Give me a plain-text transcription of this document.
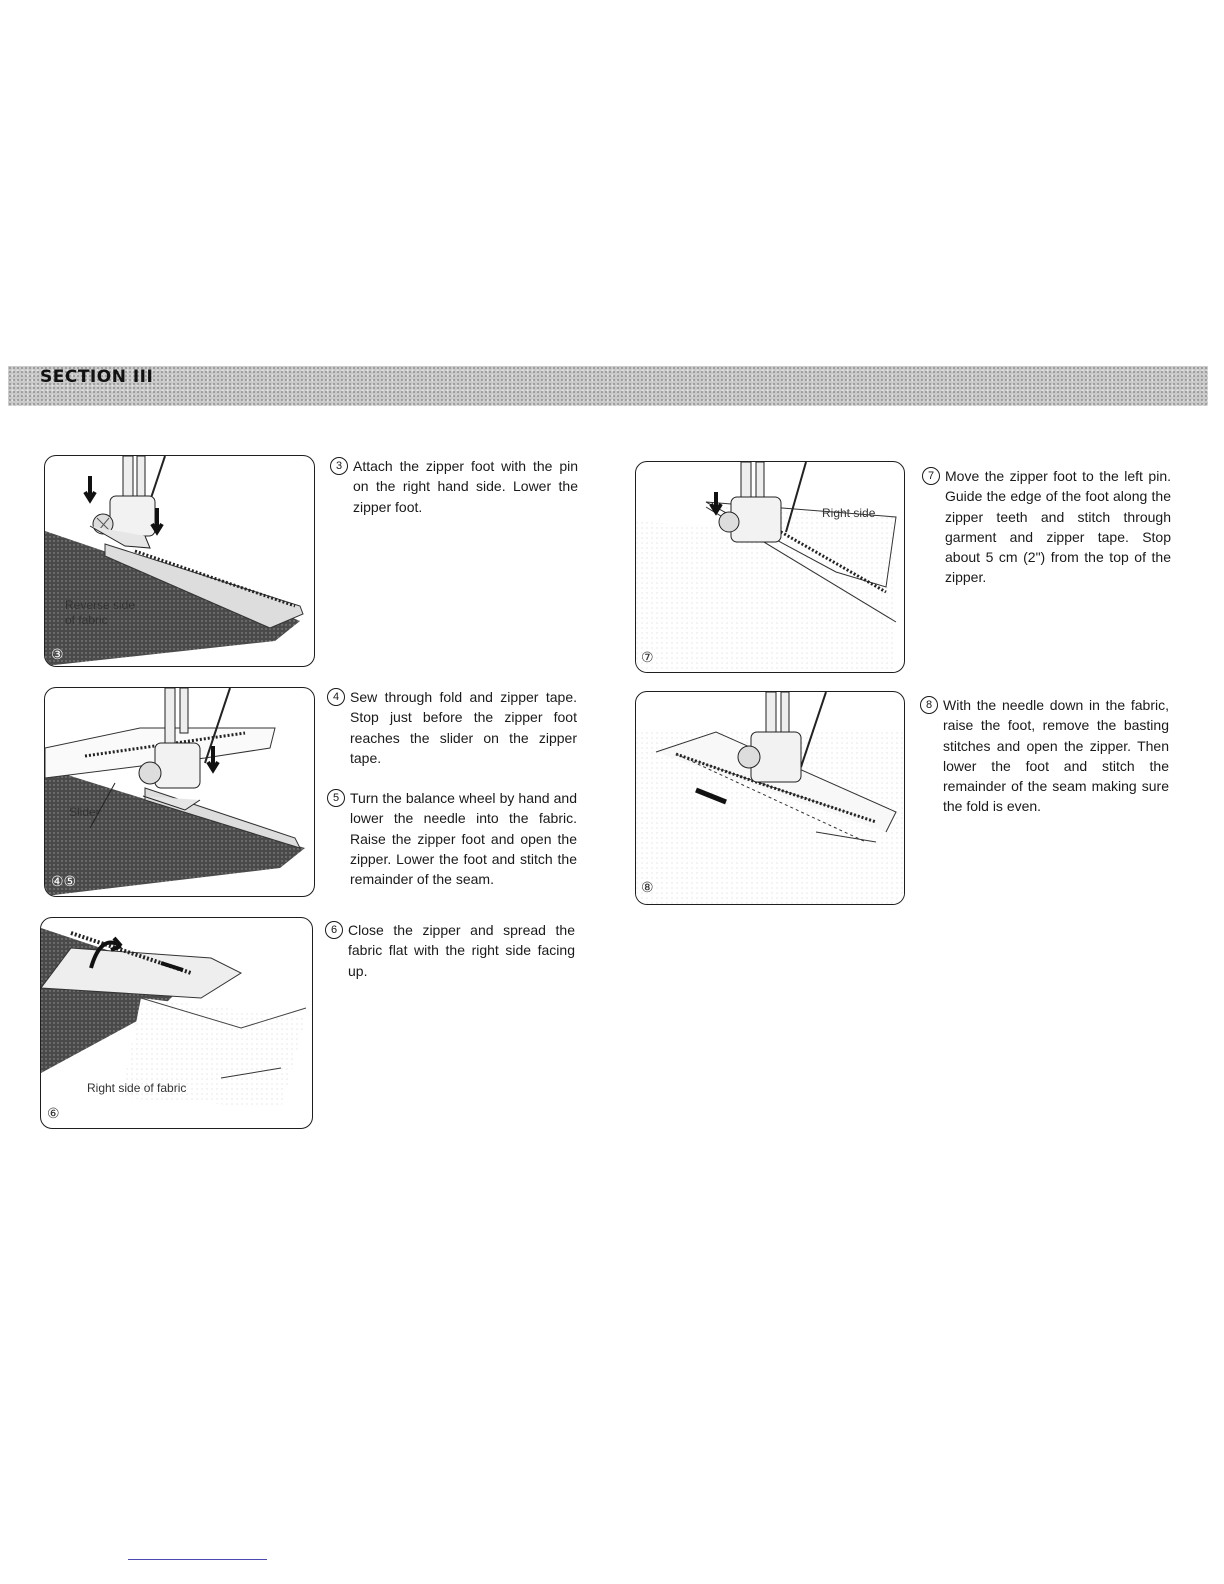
SECTION III
Reverse side
of fabric
③
Slider
④⑤
Right side of fabric
⑥
Right side
⑦
⑧
3 Attach the zipper foot with the pin on the right hand side. Lower the zipper foot.
4 Sew through fold and zipper tape. Stop just before the zipper foot reaches the slider on the zipper tape.
5 Turn the balance wheel by hand and lower the needle into the fabric. Raise the zipper foot and open the zipper. Lower the foot and stitch the remainder of the seam.
6 Close the zipper and spread the fabric flat with the right side facing up.
7 Move the zipper foot to the left pin. Guide the edge of the foot along the zipper teeth and stitch through garment and zipper tape. Stop about 5 cm (2") from the top of the zipper.
8 With the needle down in the fabric, raise the foot, remove the basting stitches and open the zipper. Then lower the foot and stitch the remainder of the seam making sure the fold is even.
